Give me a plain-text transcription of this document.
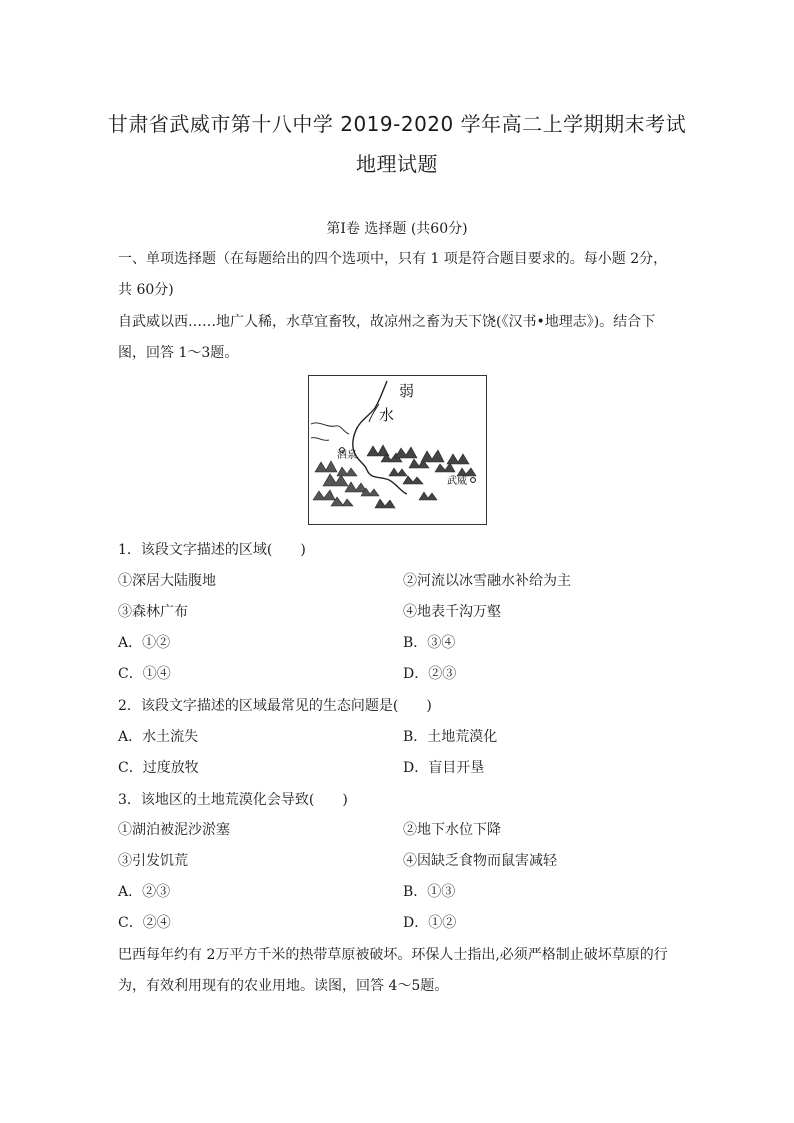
甘肃省武威市第十八中学 2019-2020 学年高二上学期期末考试
地理试题
第Ⅰ卷 选择题 (共60分)
一、单项选择题（在每题给出的四个选项中，只有 1 项是符合题目要求的。每小题 2分，
共 60分)
自武威以西……地广人稀，水草宜畜牧，故凉州之畜为天下饶(《汉书•地理志》)。结合下
图，回答 1～3题。
弱
水
酒泉
武威
1．该段文字描述的区域(　　)
①深居大陆腹地	②河流以冰雪融水补给为主
③森林广布	④地表千沟万壑
A．①②	B．③④
C．①④	D．②③
2．该段文字描述的区域最常见的生态问题是(　　)
A．水土流失	B．土地荒漠化
C．过度放牧	D．盲目开垦
3．该地区的土地荒漠化会导致(　　)
①湖泊被泥沙淤塞	②地下水位下降
③引发饥荒	④因缺乏食物而鼠害减轻
A．②③	B．①③
C．②④	D．①②
巴西每年约有 2万平方千米的热带草原被破坏。环保人士指出,必须严格制止破坏草原的行
为，有效利用现有的农业用地。读图，回答 4～5题。
